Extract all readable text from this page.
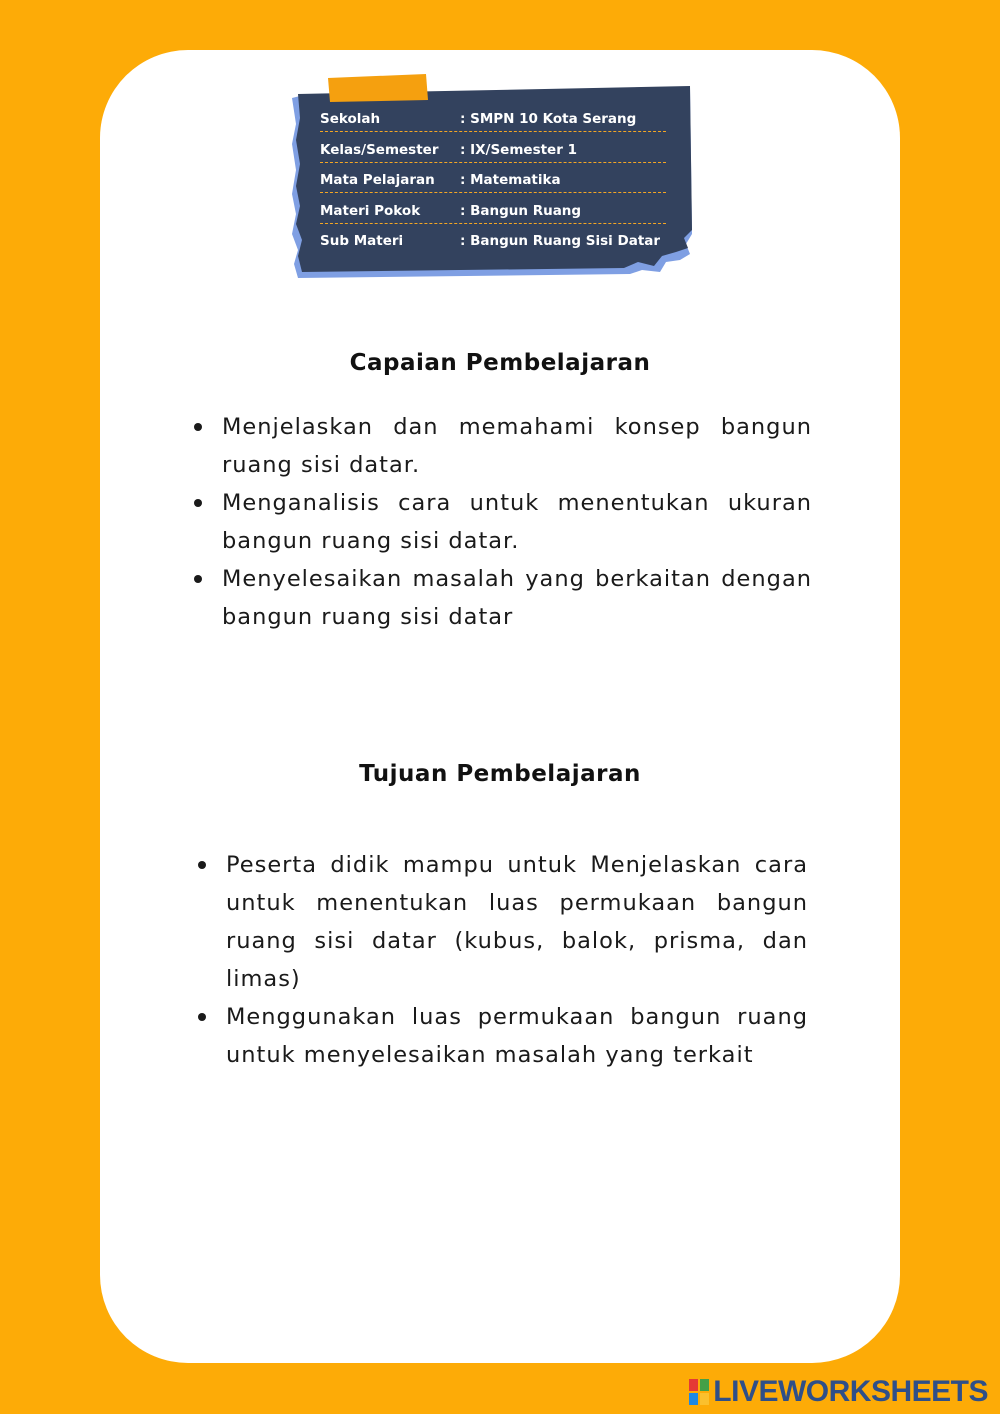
Sekolah	: SMPN 10 Kota Serang
Kelas/Semester : IX/Semester 1
Mata Pelajaran : Matematika
Materi Pokok	: Bangun Ruang
Sub Materi	: Bangun Ruang Sisi Datar
Capaian Pembelajaran
Menjelaskan dan memahami konsep bangun ruang sisi datar.
Menganalisis cara untuk menentukan ukuran bangun ruang sisi datar.
Menyelesaikan masalah yang berkaitan dengan bangun ruang sisi datar
Tujuan Pembelajaran
Peserta didik mampu untuk Menjelaskan cara untuk menentukan luas permukaan bangun ruang sisi datar (kubus, balok, prisma, dan limas)
Menggunakan luas permukaan bangun ruang untuk menyelesaikan masalah yang terkait
LIVEWORKSHEETS
